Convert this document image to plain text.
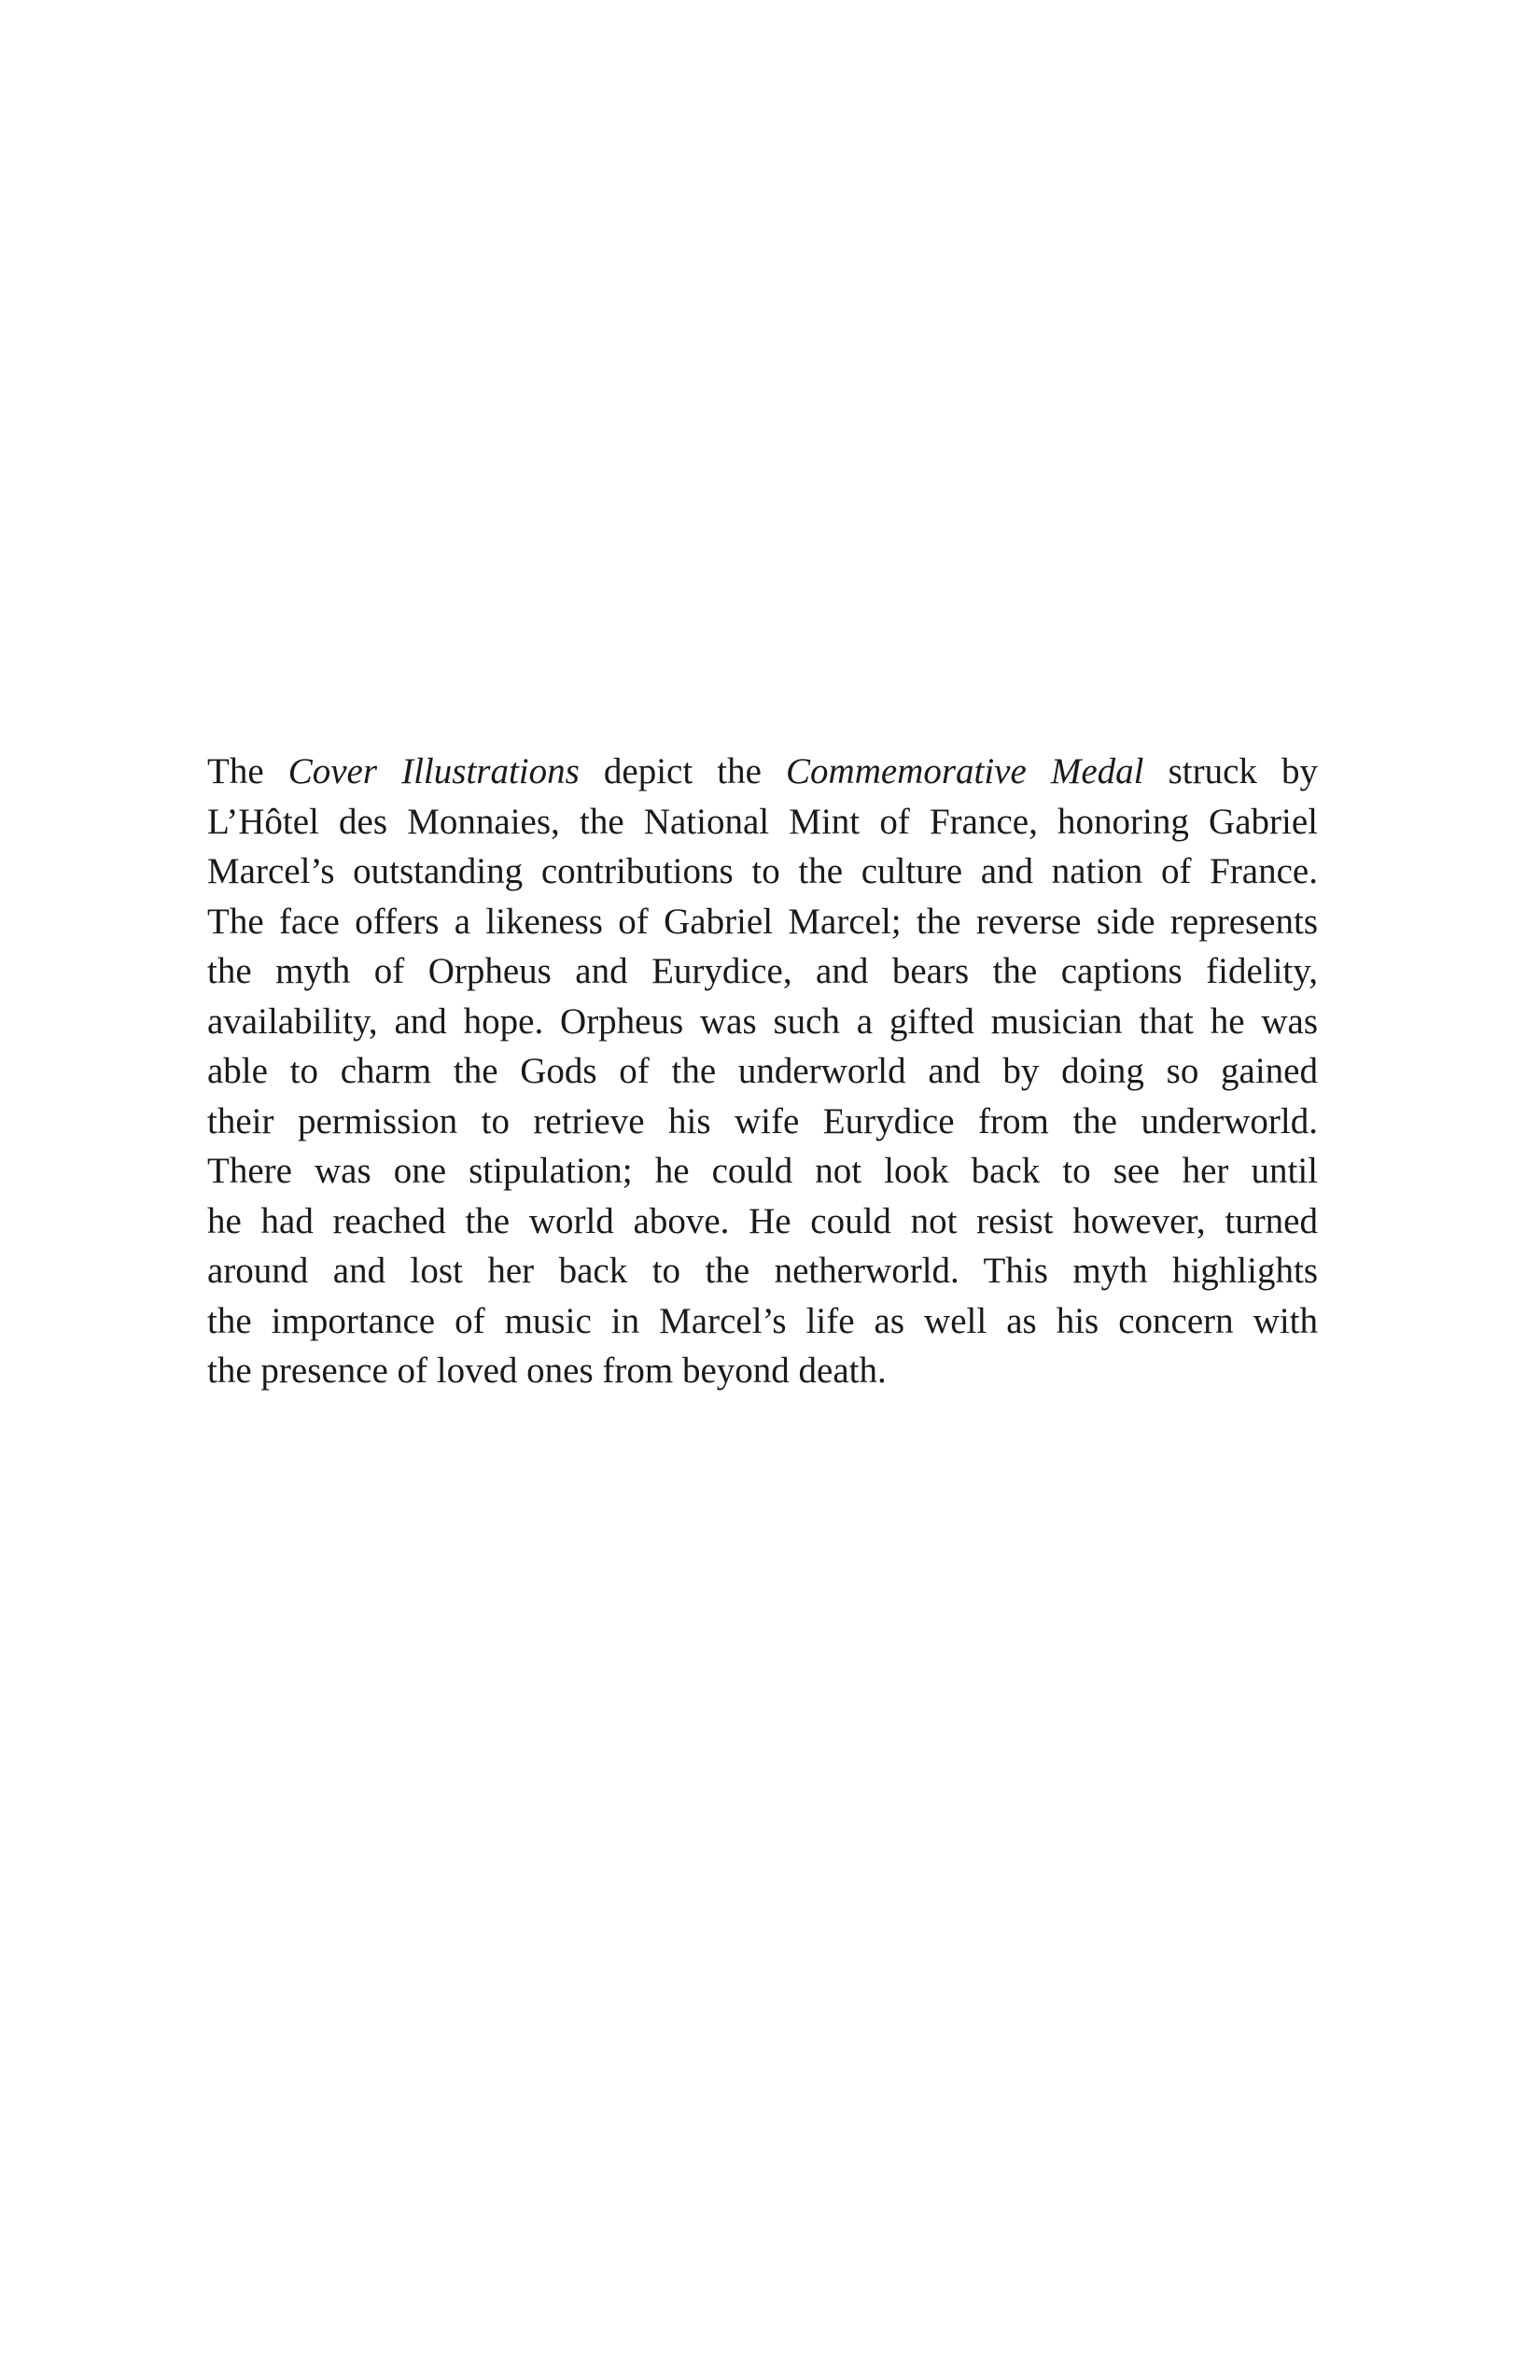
The Cover Illustrations depict the Commemorative Medal struck by
L’Hôtel des Monnaies, the National Mint of France, honoring Gabriel
Marcel’s outstanding contributions to the culture and nation of France.
The face offers a likeness of Gabriel Marcel; the reverse side represents
the myth of Orpheus and Eurydice, and bears the captions fidelity,
availability, and hope. Orpheus was such a gifted musician that he was
able to charm the Gods of the underworld and by doing so gained
their permission to retrieve his wife Eurydice from the underworld.
There was one stipulation; he could not look back to see her until
he had reached the world above. He could not resist however, turned
around and lost her back to the netherworld. This myth highlights
the importance of music in Marcel’s life as well as his concern with
the presence of loved ones from beyond death.
